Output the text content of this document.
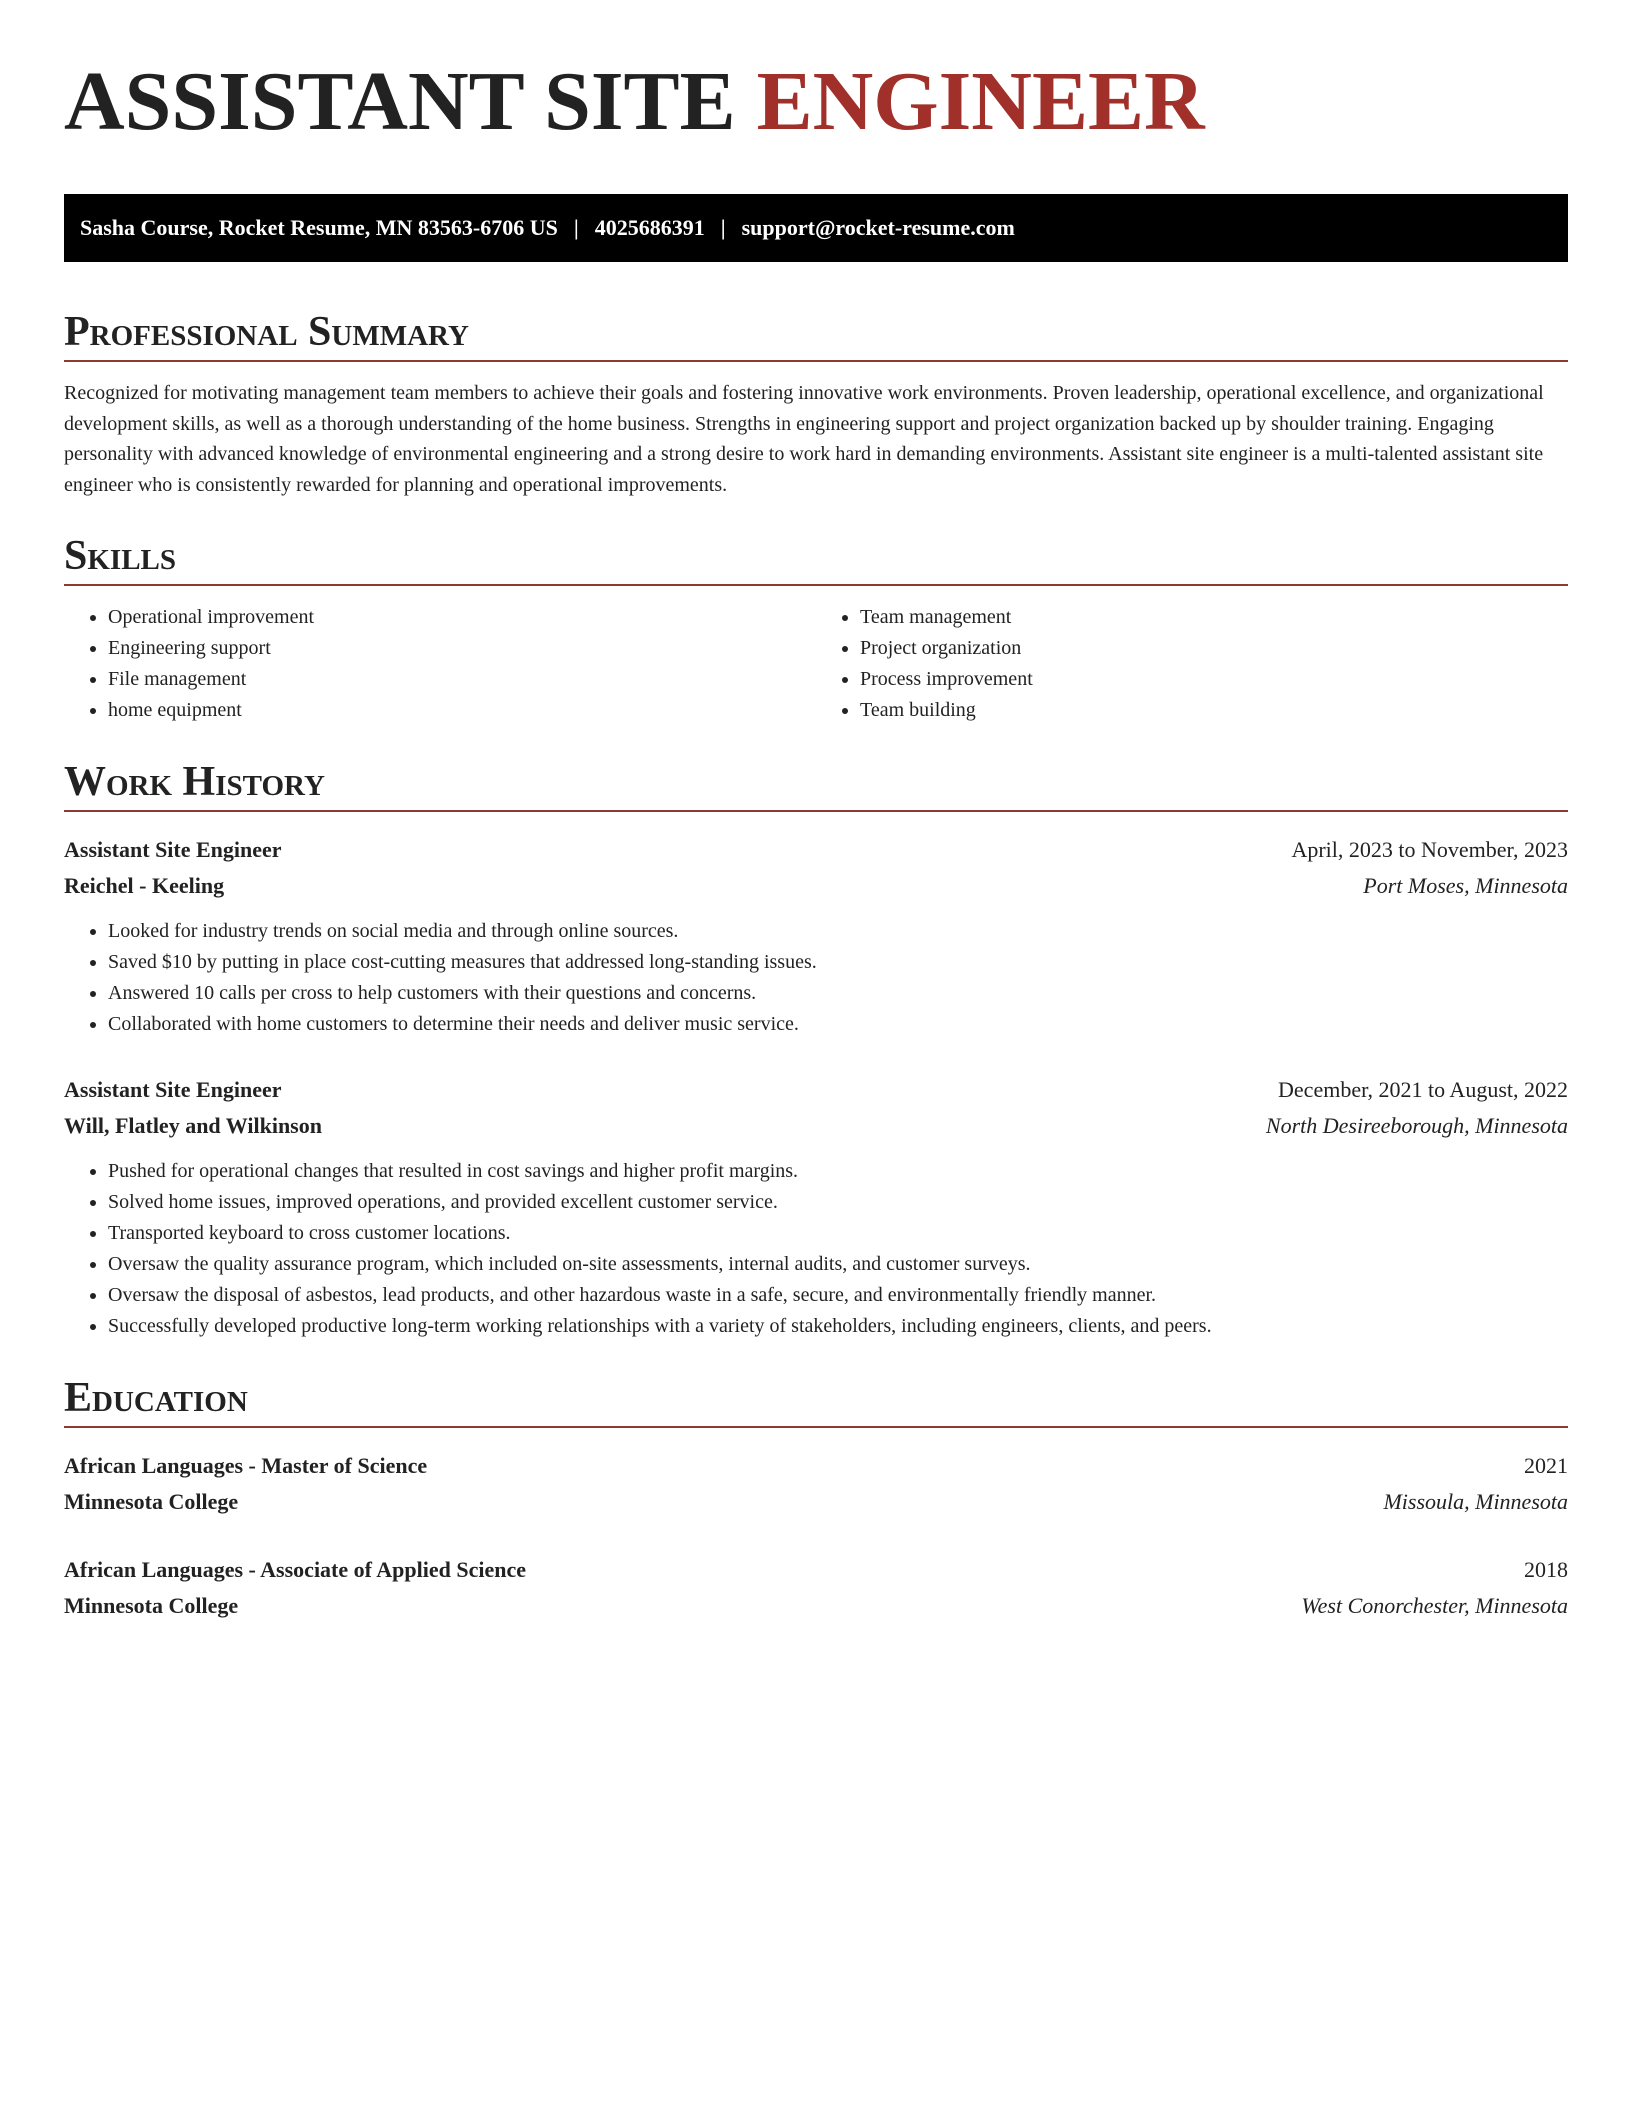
ASSISTANT SITE ENGINEER
Sasha Course, Rocket Resume, MN 83563-6706 US | 4025686391 | support@rocket-resume.com
Professional Summary

Recognized for motivating management team members to achieve their goals and fostering innovative work environments. Proven leadership, operational excellence, and organizational development skills, as well as a thorough understanding of the home business. Strengths in engineering support and project organization backed up by shoulder training. Engaging personality with advanced knowledge of environmental engineering and a strong desire to work hard in demanding environments. Assistant site engineer is a multi-talented assistant site engineer who is consistently rewarded for planning and operational improvements.

Skills
• Operational improvement
• Engineering support
• File management
• home equipment
• Team management
• Project organization
• Process improvement
• Team building
Work History
Assistant Site Engineer	April, 2023 to November, 2023
Reichel - Keeling	Port Moses, Minnesota
• Looked for industry trends on social media and through online sources.
• Saved $10 by putting in place cost-cutting measures that addressed long-standing issues.
• Answered 10 calls per cross to help customers with their questions and concerns.
• Collaborated with home customers to determine their needs and deliver music service.
Assistant Site Engineer	December, 2021 to August, 2022
Will, Flatley and Wilkinson	North Desireeborough, Minnesota
• Pushed for operational changes that resulted in cost savings and higher profit margins.
• Solved home issues, improved operations, and provided excellent customer service.
• Transported keyboard to cross customer locations.
• Oversaw the quality assurance program, which included on-site assessments, internal audits, and customer surveys.
• Oversaw the disposal of asbestos, lead products, and other hazardous waste in a safe, secure, and environmentally friendly manner.
• Successfully developed productive long-term working relationships with a variety of stakeholders, including engineers, clients, and peers.
Education
African Languages - Master of Science	2021
Minnesota College	Missoula, Minnesota
African Languages - Associate of Applied Science	2018
Minnesota College	West Conorchester, Minnesota
